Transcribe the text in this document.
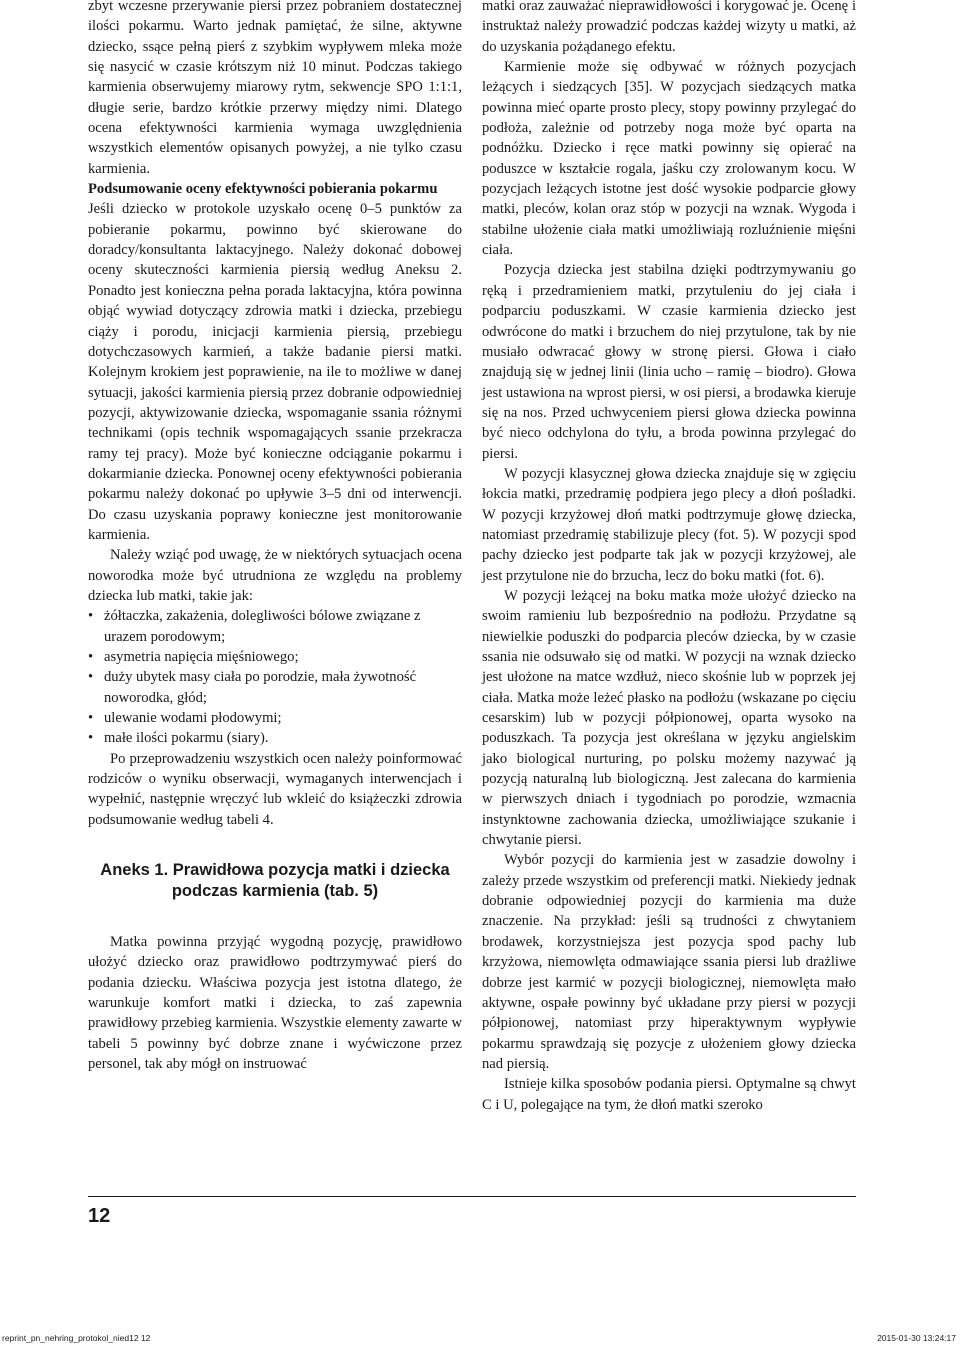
zbyt wczesne przerywanie piersi przez pobraniem dostatecznej ilości pokarmu. Warto jednak pamiętać, że silne, aktywne dziecko, ssące pełną pierś z szybkim wypływem mleka może się nasycić w czasie krótszym niż 10 minut. Podczas takiego karmienia obserwujemy miarowy rytm, sekwencje SPO 1:1:1, długie serie, bardzo krótkie przerwy między nimi. Dlatego ocena efektywności karmienia wymaga uwzględnienia wszystkich elementów opisanych powyżej, a nie tylko czasu karmienia.

Podsumowanie oceny efektywności pobierania pokarmu

Jeśli dziecko w protokole uzyskało ocenę 0–5 punktów za pobieranie pokarmu, powinno być skierowane do doradcy/konsultanta laktacyjnego. Należy dokonać dobowej oceny skuteczności karmienia piersią według Aneksu 2. Ponadto jest konieczna pełna porada laktacyjna, która powinna objąć wywiad dotyczący zdrowia matki i dziecka, przebiegu ciąży i porodu, inicjacji karmienia piersią, przebiegu dotychczasowych karmień, a także badanie piersi matki. Kolejnym krokiem jest poprawienie, na ile to możliwe w danej sytuacji, jakości karmienia piersią przez dobranie odpowiedniej pozycji, aktywizowanie dziecka, wspomaganie ssania różnymi technikami (opis technik wspomagających ssanie przekracza ramy tej pracy). Może być konieczne odciąganie pokarmu i dokarmianie dziecka. Ponownej oceny efektywności pobierania pokarmu należy dokonać po upływie 3–5 dni od interwencji. Do czasu uzyskania poprawy konieczne jest monitorowanie karmienia.

Należy wziąć pod uwagę, że w niektórych sytuacjach ocena noworodka może być utrudniona ze względu na problemy dziecka lub matki, takie jak:

• żółtaczka, zakażenia, dolegliwości bólowe związane z urazem porodowym;
• asymetria napięcia mięśniowego;
• duży ubytek masy ciała po porodzie, mała żywotność noworodka, głód;
• ulewanie wodami płodowymi;
• małe ilości pokarmu (siary).

Po przeprowadzeniu wszystkich ocen należy poinformować rodziców o wyniku obserwacji, wymaganych interwencjach i wypełnić, następnie wręczyć lub wkleić do książeczki zdrowia podsumowanie według tabeli 4.

Aneks 1. Prawidłowa pozycja matki i dziecka
podczas karmienia (tab. 5)

Matka powinna przyjąć wygodną pozycję, prawidłowo ułożyć dziecko oraz prawidłowo podtrzymywać pierś do podania dziecku. Właściwa pozycja jest istotna dlatego, że warunkuje komfort matki i dziecka, to zaś zapewnia prawidłowy przebieg karmienia. Wszystkie elementy zawarte w tabeli 5 powinny być dobrze znane i wyćwiczone przez personel, tak aby mógł on instruować

matki oraz zauważać nieprawidłowości i korygować je. Ocenę i instruktaż należy prowadzić podczas każdej wizyty u matki, aż do uzyskania pożądanego efektu.

Karmienie może się odbywać w różnych pozycjach leżących i siedzących [35]. W pozycjach siedzących matka powinna mieć oparte prosto plecy, stopy powinny przylegać do podłoża, zależnie od potrzeby noga może być oparta na podnóżku. Dziecko i ręce matki powinny się opierać na poduszce w kształcie rogala, jaśku czy zrolowanym kocu. W pozycjach leżących istotne jest dość wysokie podparcie głowy matki, pleców, kolan oraz stóp w pozycji na wznak. Wygoda i stabilne ułożenie ciała matki umożliwiają rozluźnienie mięśni ciała.

Pozycja dziecka jest stabilna dzięki podtrzymywaniu go ręką i przedramieniem matki, przytuleniu do jej ciała i podparciu poduszkami. W czasie karmienia dziecko jest odwrócone do matki i brzuchem do niej przytulone, tak by nie musiało odwracać głowy w stronę piersi. Głowa i ciało znajdują się w jednej linii (linia ucho – ramię – biodro). Głowa jest ustawiona na wprost piersi, w osi piersi, a brodawka kieruje się na nos. Przed uchwyceniem piersi głowa dziecka powinna być nieco odchylona do tyłu, a broda powinna przylegać do piersi.

W pozycji klasycznej głowa dziecka znajduje się w zgięciu łokcia matki, przedramię podpiera jego plecy a dłoń pośladki. W pozycji krzyżowej dłoń matki podtrzymuje głowę dziecka, natomiast przedramię stabilizuje plecy (fot. 5). W pozycji spod pachy dziecko jest podparte tak jak w pozycji krzyżowej, ale jest przytulone nie do brzucha, lecz do boku matki (fot. 6).

W pozycji leżącej na boku matka może ułożyć dziecko na swoim ramieniu lub bezpośrednio na podłożu. Przydatne są niewielkie poduszki do podparcia pleców dziecka, by w czasie ssania nie odsuwało się od matki. W pozycji na wznak dziecko jest ułożone na matce wzdłuż, nieco skośnie lub w poprzek jej ciała. Matka może leżeć płasko na podłożu (wskazane po cięciu cesarskim) lub w pozycji półpionowej, oparta wysoko na poduszkach. Ta pozycja jest określana w języku angielskim jako biological nurturing, po polsku możemy nazywać ją pozycją naturalną lub biologiczną. Jest zalecana do karmienia w pierwszych dniach i tygodniach po porodzie, wzmacnia instynktowne zachowania dziecka, umożliwiające szukanie i chwytanie piersi.

Wybór pozycji do karmienia jest w zasadzie dowolny i zależy przede wszystkim od preferencji matki. Niekiedy jednak dobranie odpowiedniej pozycji do karmienia ma duże znaczenie. Na przykład: jeśli są trudności z chwytaniem brodawek, korzystniejsza jest pozycja spod pachy lub krzyżowa, niemowlęta odmawiające ssania piersi lub drażliwe dobrze jest karmić w pozycji biologicznej, niemowlęta mało aktywne, ospałe powinny być układane przy piersi w pozycji półpionowej, natomiast przy hiperaktywnym wypływie pokarmu sprawdzają się pozycje z ułożeniem głowy dziecka nad piersią.

Istnieje kilka sposobów podania piersi. Optymalne są chwyt C i U, polegające na tym, że dłoń matki szeroko

12
reprint_pn_nehring_protokol_nied12 12	2015-01-30 13:24:17
